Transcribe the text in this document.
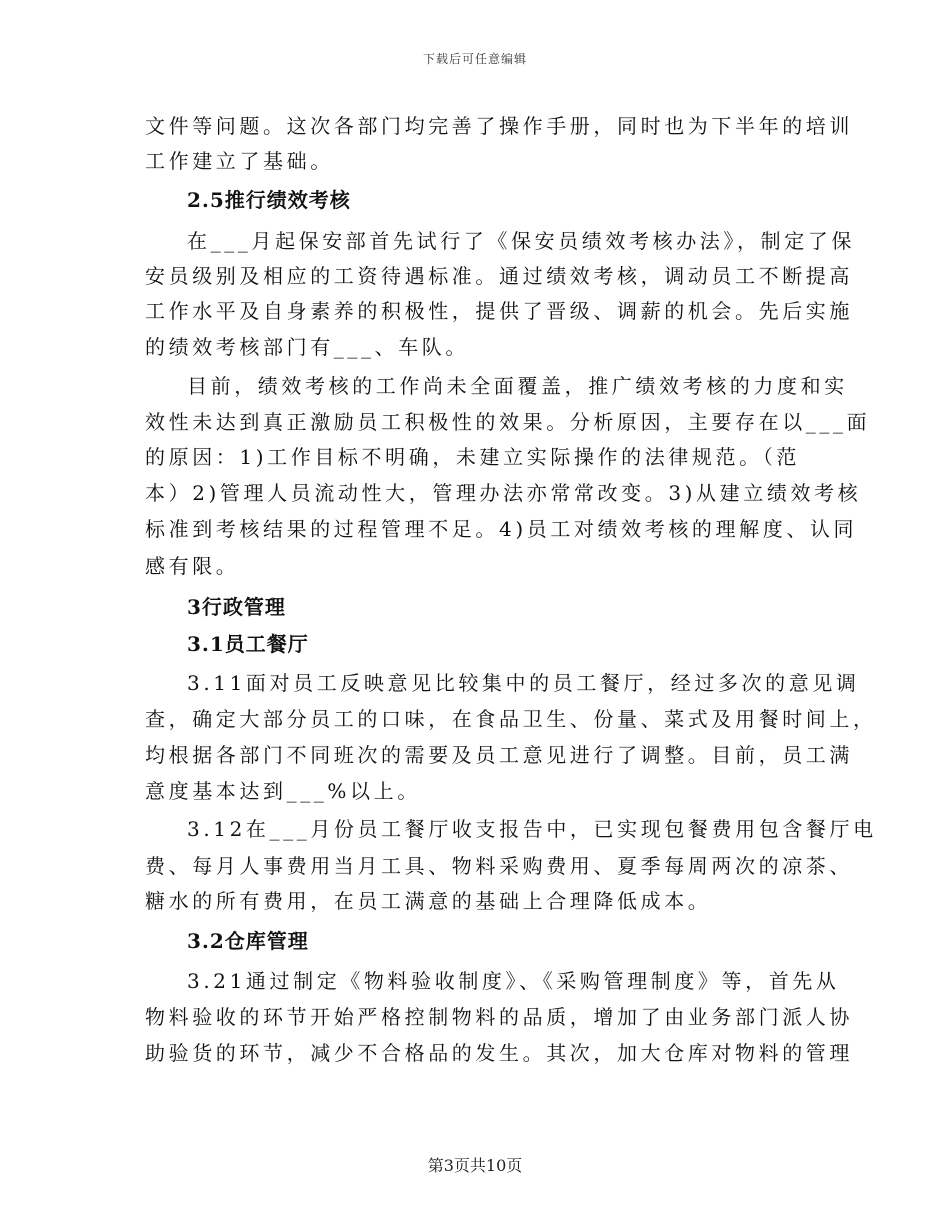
下载后可任意编辑
文件等问题。这次各部门均完善了操作手册，同时也为下半年的培训
工作建立了基础。
2.5推行绩效考核
在___月起保安部首先试行了《保安员绩效考核办法》，制定了保
安员级别及相应的工资待遇标准。通过绩效考核，调动员工不断提高
工作水平及自身素养的积极性，提供了晋级、调薪的机会。先后实施
的绩效考核部门有___、车队。
目前，绩效考核的工作尚未全面覆盖，推广绩效考核的力度和实
效性未达到真正激励员工积极性的效果。分析原因，主要存在以___面
的原因：1)工作目标不明确，未建立实际操作的法律规范。（范
本）2)管理人员流动性大，管理办法亦常常改变。3)从建立绩效考核
标准到考核结果的过程管理不足。4)员工对绩效考核的理解度、认同
感有限。
3行政管理
3.1员工餐厅
3.11面对员工反映意见比较集中的员工餐厅，经过多次的意见调
查，确定大部分员工的口味，在食品卫生、份量、菜式及用餐时间上，
均根据各部门不同班次的需要及员工意见进行了调整。目前，员工满
意度基本达到___%以上。
3.12在___月份员工餐厅收支报告中，已实现包餐费用包含餐厅电
费、每月人事费用当月工具、物料采购费用、夏季每周两次的凉茶、
糖水的所有费用，在员工满意的基础上合理降低成本。
3.2仓库管理
3.21通过制定《物料验收制度》、《采购管理制度》等，首先从
物料验收的环节开始严格控制物料的品质，增加了由业务部门派人协
助验货的环节，减少不合格品的发生。其次，加大仓库对物料的管理
第3页共10页
